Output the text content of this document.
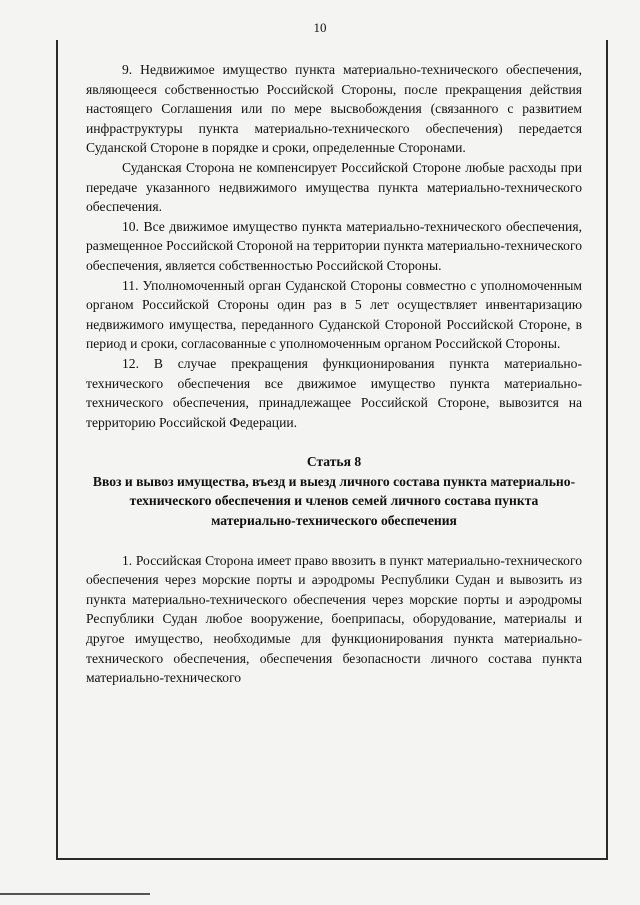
10

9. Недвижимое имущество пункта материально-технического обеспечения, являющееся собственностью Российской Стороны, после прекращения действия настоящего Соглашения или по мере высвобождения (связанного с развитием инфраструктуры пункта материально-технического обеспечения) передается Суданской Стороне в порядке и сроки, определенные Сторонами.

Суданская Сторона не компенсирует Российской Стороне любые расходы при передаче указанного недвижимого имущества пункта материально-технического обеспечения.

10. Все движимое имущество пункта материально-технического обеспечения, размещенное Российской Стороной на территории пункта материально-технического обеспечения, является собственностью Российской Стороны.

11. Уполномоченный орган Суданской Стороны совместно с уполномоченным органом Российской Стороны один раз в 5 лет осуществляет инвентаризацию недвижимого имущества, переданного Суданской Стороной Российской Стороне, в период и сроки, согласованные с уполномоченным органом Российской Стороны.

12. В случае прекращения функционирования пункта материально-технического обеспечения все движимое имущество пункта материально-технического обеспечения, принадлежащее Российской Стороне, вывозится на территорию Российской Федерации.

Статья 8

Ввоз и вывоз имущества, въезд и выезд личного состава пункта материально-технического обеспечения и членов семей личного состава пункта материально-технического обеспечения

1. Российская Сторона имеет право ввозить в пункт материально-технического обеспечения через морские порты и аэродромы Республики Судан и вывозить из пункта материально-технического обеспечения через морские порты и аэродромы Республики Судан любое вооружение, боеприпасы, оборудование, материалы и другое имущество, необходимые для функционирования пункта материально-технического обеспечения, обеспечения безопасности личного состава пункта материально-технического
